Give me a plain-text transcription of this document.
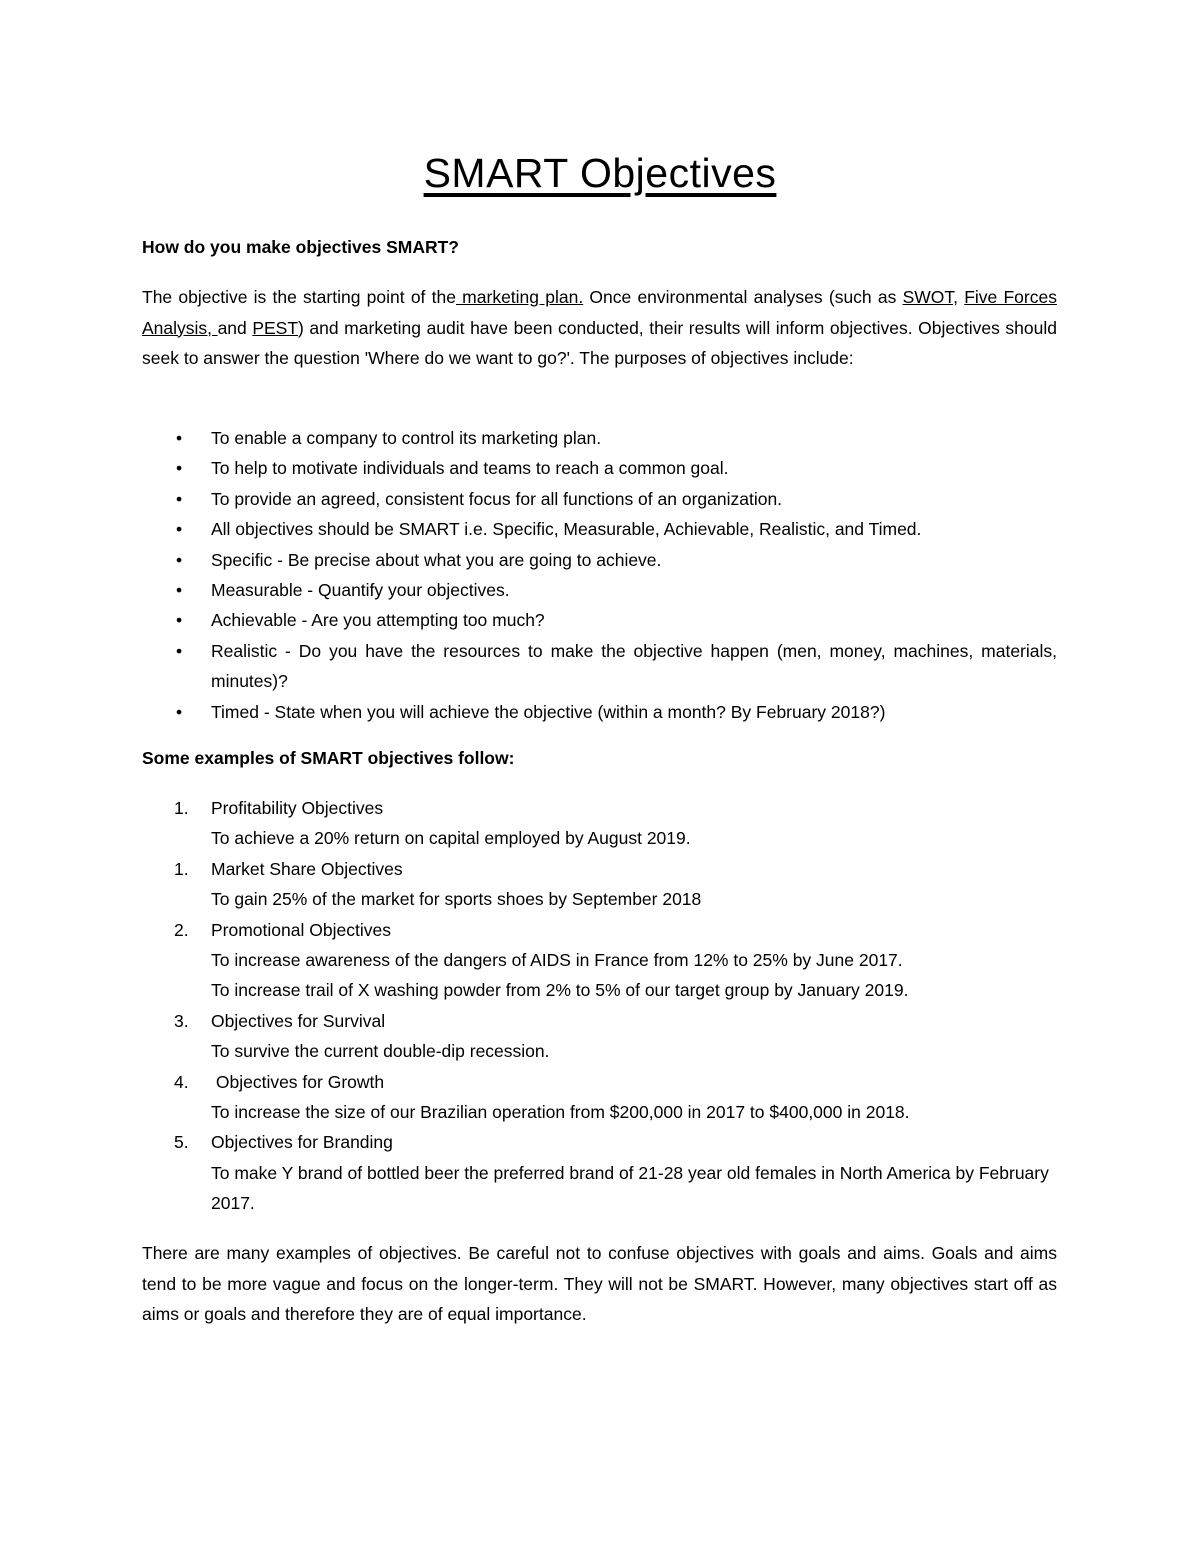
SMART Objectives
How do you make objectives SMART?
The objective is the starting point of the marketing plan. Once environmental analyses (such as SWOT, Five Forces Analysis, and PEST) and marketing audit have been conducted, their results will inform objectives. Objectives should seek to answer the question 'Where do we want to go?'. The purposes of objectives include:
• To enable a company to control its marketing plan.
• To help to motivate individuals and teams to reach a common goal.
• To provide an agreed, consistent focus for all functions of an organization.
• All objectives should be SMART i.e. Specific, Measurable, Achievable, Realistic, and Timed.
• Specific - Be precise about what you are going to achieve.
• Measurable - Quantify your objectives.
• Achievable - Are you attempting too much?
• Realistic - Do you have the resources to make the objective happen (men, money, machines, materials, minutes)?
• Timed - State when you will achieve the objective (within a month? By February 2018?)
Some examples of SMART objectives follow:
1. Profitability Objectives
To achieve a 20% return on capital employed by August 2019.
1. Market Share Objectives
To gain 25% of the market for sports shoes by September 2018
2. Promotional Objectives
To increase awareness of the dangers of AIDS in France from 12% to 25% by June 2017.
To increase trail of X washing powder from 2% to 5% of our target group by January 2019.
3. Objectives for Survival
To survive the current double-dip recession.
4. Objectives for Growth
To increase the size of our Brazilian operation from $200,000 in 2017 to $400,000 in 2018.
5. Objectives for Branding
To make Y brand of bottled beer the preferred brand of 21-28 year old females in North America by February 2017.
There are many examples of objectives. Be careful not to confuse objectives with goals and aims. Goals and aims tend to be more vague and focus on the longer-term. They will not be SMART. However, many objectives start off as aims or goals and therefore they are of equal importance.
